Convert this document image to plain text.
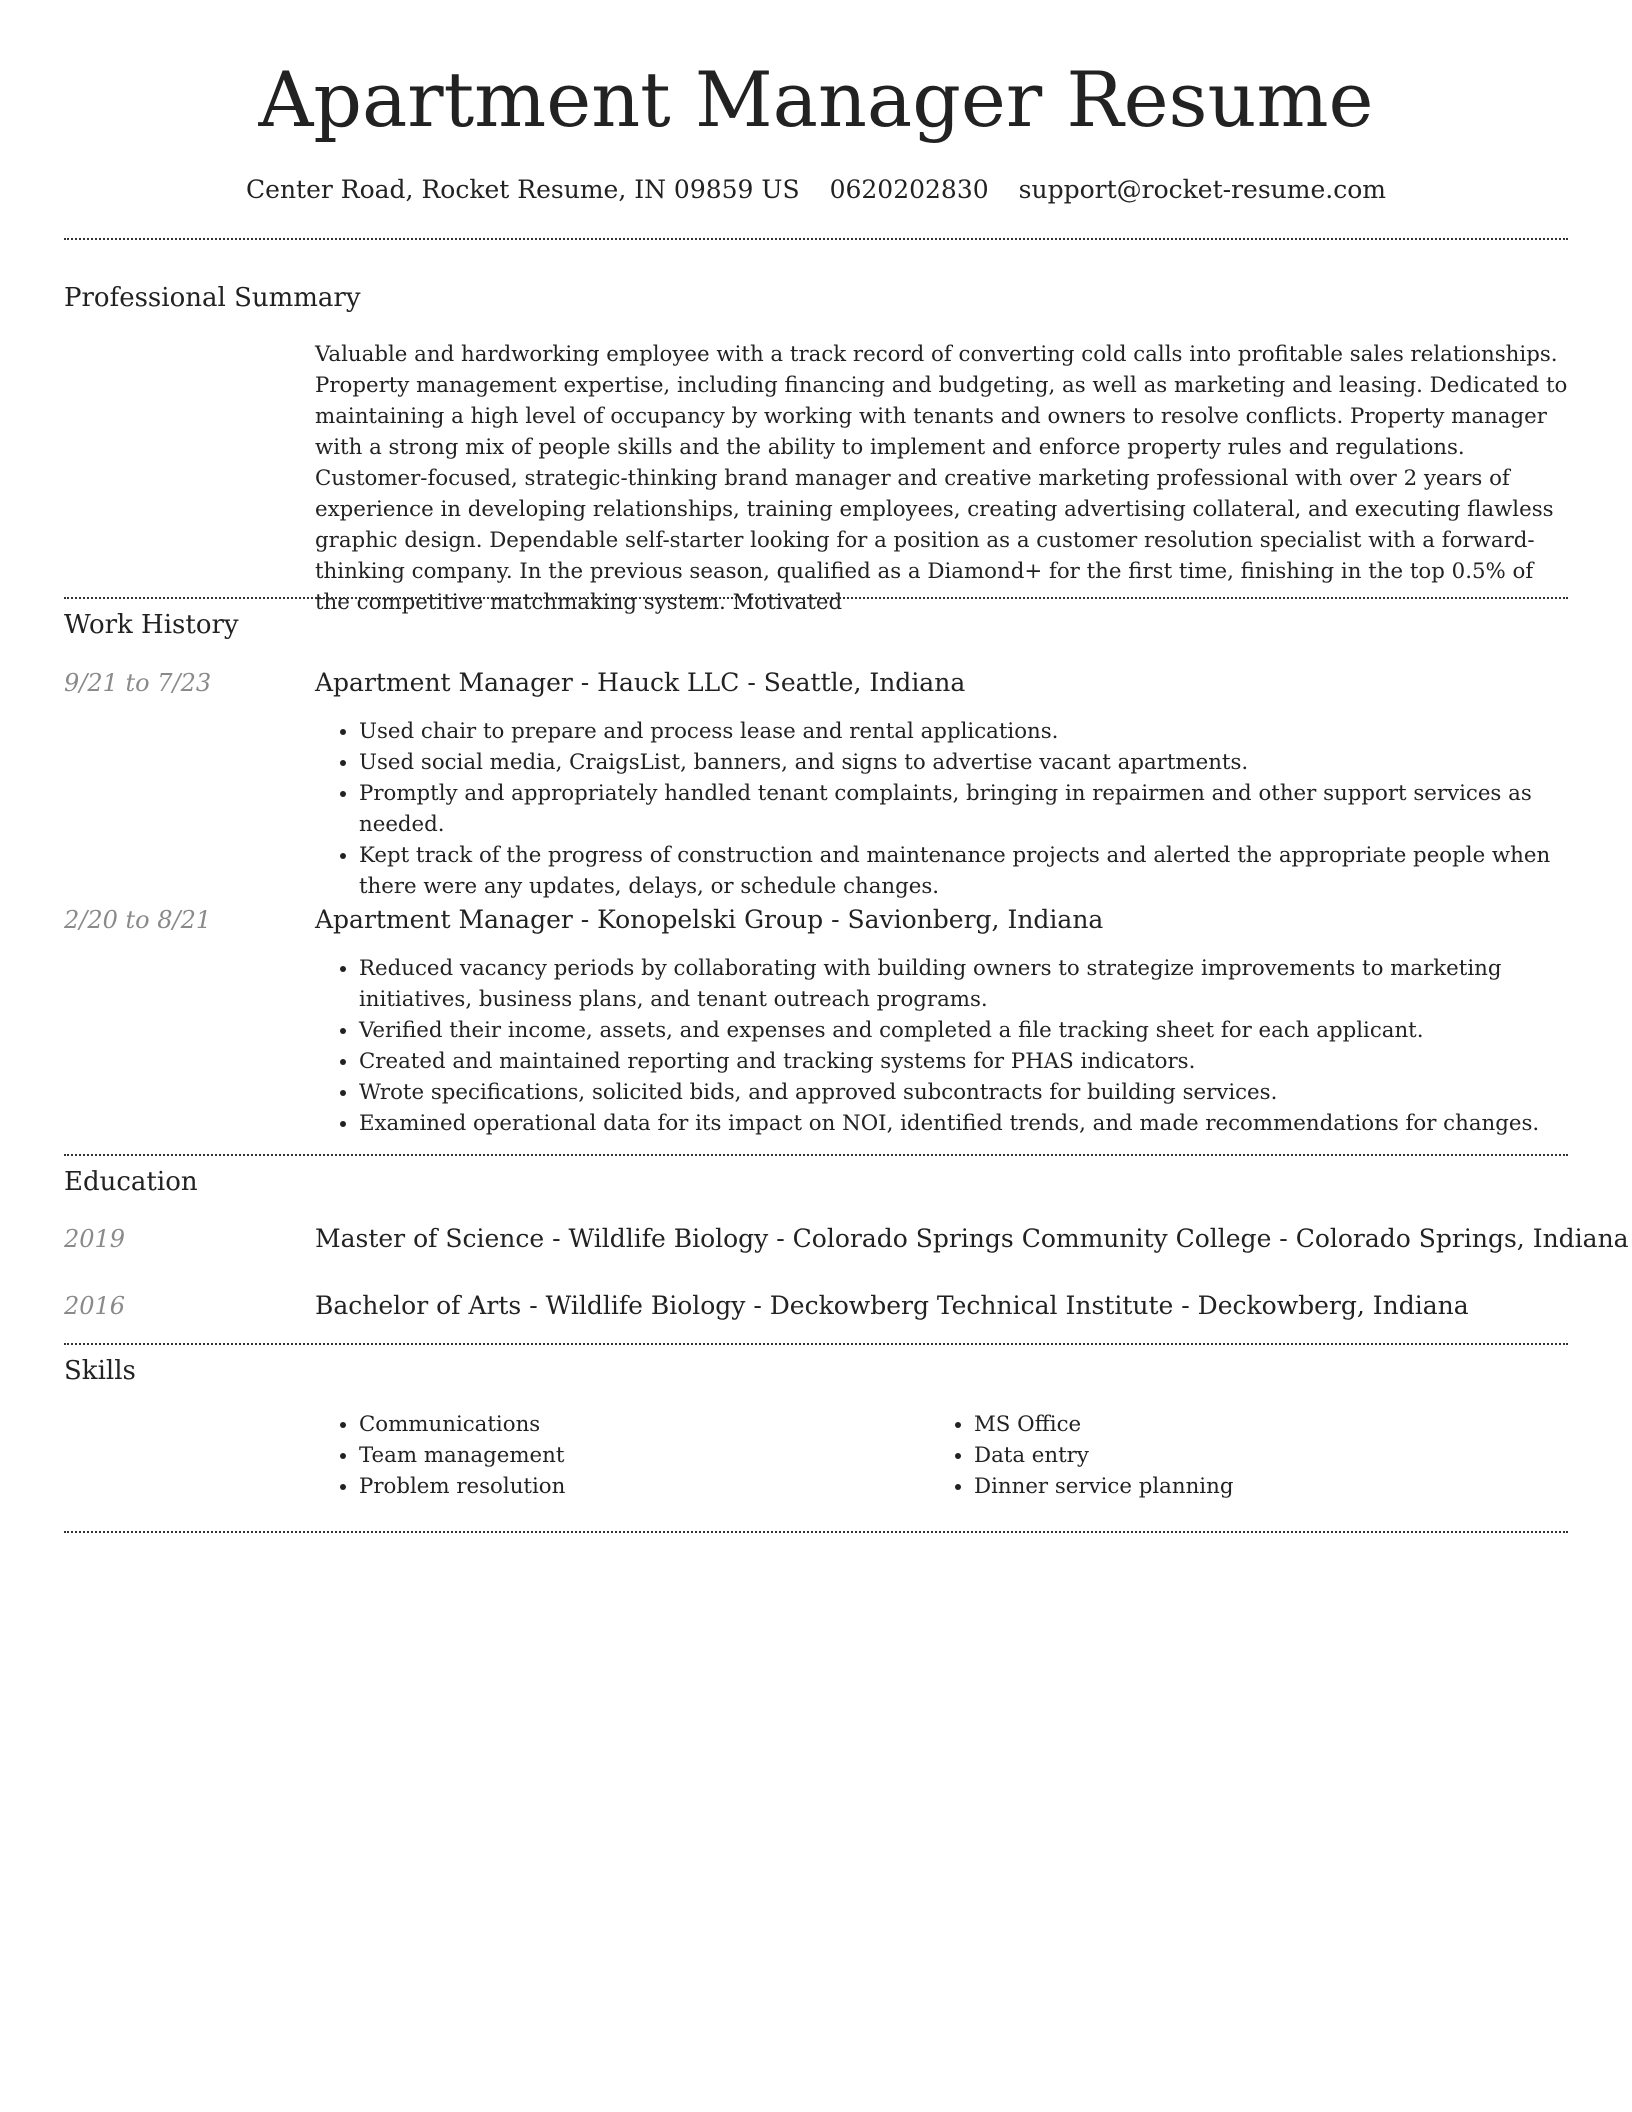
Apartment Manager Resume
Center Road, Rocket Resume, IN 09859 US 0620202830 support@rocket-resume.com
Professional Summary
Valuable and hardworking employee with a track record of converting cold calls into profitable sales relationships. Property management expertise, including financing and budgeting, as well as marketing and leasing. Dedicated to maintaining a high level of occupancy by working with tenants and owners to resolve conflicts. Property manager with a strong mix of people skills and the ability to implement and enforce property rules and regulations. Customer-focused, strategic-thinking brand manager and creative marketing professional with over 2 years of experience in developing relationships, training employees, creating advertising collateral, and executing flawless graphic design. Dependable self-starter looking for a position as a customer resolution specialist with a forward-thinking company. In the previous season, qualified as a Diamond+ for the first time, finishing in the top 0.5% of the competitive matchmaking system. Motivated
Work History
9/21 to 7/23	Apartment Manager - Hauck LLC - Seattle, Indiana
• Used chair to prepare and process lease and rental applications.
• Used social media, CraigsList, banners, and signs to advertise vacant apartments.
• Promptly and appropriately handled tenant complaints, bringing in repairmen and other support services as needed.
• Kept track of the progress of construction and maintenance projects and alerted the appropriate people when there were any updates, delays, or schedule changes.
2/20 to 8/21	Apartment Manager - Konopelski Group - Savionberg, Indiana
• Reduced vacancy periods by collaborating with building owners to strategize improvements to marketing initiatives, business plans, and tenant outreach programs.
• Verified their income, assets, and expenses and completed a file tracking sheet for each applicant.
• Created and maintained reporting and tracking systems for PHAS indicators.
• Wrote specifications, solicited bids, and approved subcontracts for building services.
• Examined operational data for its impact on NOI, identified trends, and made recommendations for changes.
Education
2019	Master of Science - Wildlife Biology - Colorado Springs Community College - Colorado Springs, Indiana
2016	Bachelor of Arts - Wildlife Biology - Deckowberg Technical Institute - Deckowberg, Indiana
Skills
• Communications
• Team management
• Problem resolution
• MS Office
• Data entry
• Dinner service planning
